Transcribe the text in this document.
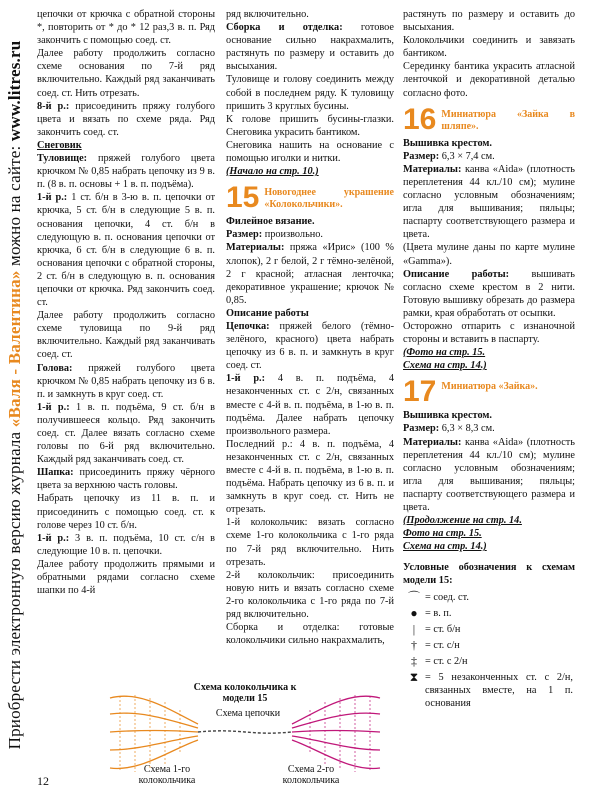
Приобрести электронную версию журнала «Валя - Валентина» можно на сайте: www.litres.ru

цепочки от крючка с обратной стороны *, повторить от * до * 12 раз,3 в. п. Ряд закончить с помощью соед. ст.

Далее работу продолжить согласно схеме основания по 7-й ряд включительно. Каждый ряд заканчивать соед. ст. Нить отрезать.

8-й р.: присоединить пряжу голубого цвета и вязать по схеме ряда. Ряд закончить соед. ст.

Снеговик

Туловище: пряжей голубого цвета крючком № 0,85 набрать цепочку из 9 в. п. (8 в. п. основы + 1 в. п. подъёма).

1-й р.: 1 ст. б/н в 3-ю в. п. цепочки от крючка, 5 ст. б/н в следующие 5 в. п. основания цепочки, 4 ст. б/н в следующую в. п. основания цепочки от крючка, 6 ст. б/н в следующие 6 в. п. основания цепочки с обратной стороны, 2 ст. б/н в следующую в. п. основания цепочки от крючка. Ряд закончить соед. ст.

Далее работу продолжить согласно схеме туловища по 9-й ряд включительно. Каждый ряд заканчивать соед. ст.

Голова: пряжей голубого цвета крючком № 0,85 набрать цепочку из 6 в. п. и замкнуть в круг соед. ст.

1-й р.: 1 в. п. подъёма, 9 ст. б/н в получившееся кольцо. Ряд закончить соед. ст. Далее вязать согласно схеме головы по 6-й ряд включительно. Каждый ряд заканчивать соед. ст.

Шапка: присоединить пряжу чёрного цвета за верхнюю часть головы.

Набрать цепочку из 11 в. п. и присоединить с помощью соед. ст. к голове через 10 ст. б/н.

1-й р.: 3 в. п. подъёма, 10 ст. с/н в следующие 10 в. п. цепочки.

Далее работу продолжить прямыми и обратными рядами согласно схеме шапки по 4-й

ряд включительно.

Сборка и отделка: готовое основание сильно накрахмалить, растянуть по размеру и оставить до высыхания.

Туловище и голову соединить между собой в последнем ряду. К туловищу пришить 3 круглых бусины.

К голове пришить бусины-глазки. Снеговика украсить бантиком.

Снеговика нашить на основание с помощью иголки и нитки.

(Начало на стр. 10.)

15 Новогоднее украшение «Колокольчики».

Филейное вязание.

Размер: произвольно.

Материалы: пряжа «Ирис» (100 % хлопок), 2 г белой, 2 г тёмно-зелёной, 2 г красной; атласная ленточка; декоративное украшение; крючок № 0,85.

Описание работы

Цепочка: пряжей белого (тёмно-зелёного, красного) цвета набрать цепочку из 6 в. п. и замкнуть в круг соед. ст.

1-й р.: 4 в. п. подъёма, 4 незаконченных ст. с 2/н, связанных вместе с 4-й в. п. подъёма, в 1-ю в. п. подъёма. Далее набрать цепочку произвольного размера.

Последний р.: 4 в. п. подъёма, 4 незаконченных ст. с 2/н, связанных вместе с 4-й в. п. подъёма, в 1-ю в. п. подъёма. Набрать цепочку из 6 в. п. и замкнуть в круг соед. ст. Нить не отрезать.

1-й колокольчик: вязать согласно схеме 1-го колокольчика с 1-го ряда по 7-й ряд включительно. Нить отрезать.

2-й колокольчик: присоединить новую нить и вязать согласно схеме 2-го колокольчика с 1-го ряда по 7-й ряд включительно.

Сборка и отделка: готовые колокольчики сильно накрахмалить,

растянуть по размеру и оставить до высыхания.

Колокольчики соединить и завязать бантиком.

Серединку бантика украсить атласной ленточкой и декоративной деталью согласно фото.

16 Миниатюра «Зайка в шляпе».

Вышивка крестом.

Размер: 6,3 × 7,4 см.

Материалы: канва «Aida» (плотность переплетения 44 кл./10 см); мулине согласно условным обозначениям; игла для вышивания; пяльцы; паспарту соответствующего размера и цвета.

(Цвета мулине даны по карте мулине «Gamma»).

Описание работы: вышивать согласно схеме крестом в 2 нити. Готовую вышивку обрезать до размера рамки, края обработать от осыпки.

Осторожно отпарить с изнаночной стороны и вставить в паспарту.

(Фото на стр. 15.

Схема на стр. 14.)

17 Миниатюра «Зайка».

Вышивка крестом.

Размер: 6,3 × 8,3 см.

Материалы: канва «Aida» (плотность переплетения 44 кл./10 см); мулине согласно условным обозначениям; игла для вышивания; пяльцы; паспарту соответствующего размера и цвета.

(Продолжение на стр. 14.

Фото на стр. 15.

Схема на стр. 14.)

Условные обозначения к схемам модели 15:

⌒ = соед. ст.
● = в. п.
| = ст. б/н
† = ст. с/н
‡ = ст. с 2/н
⧗ = 5 незаконченных ст. с 2/н, связанных вместе, на 1 п. основания
Схема колокольчика к модели 15
Схема цепочки
Схема 1-го колокольчика
Схема 2-го колокольчика
12
